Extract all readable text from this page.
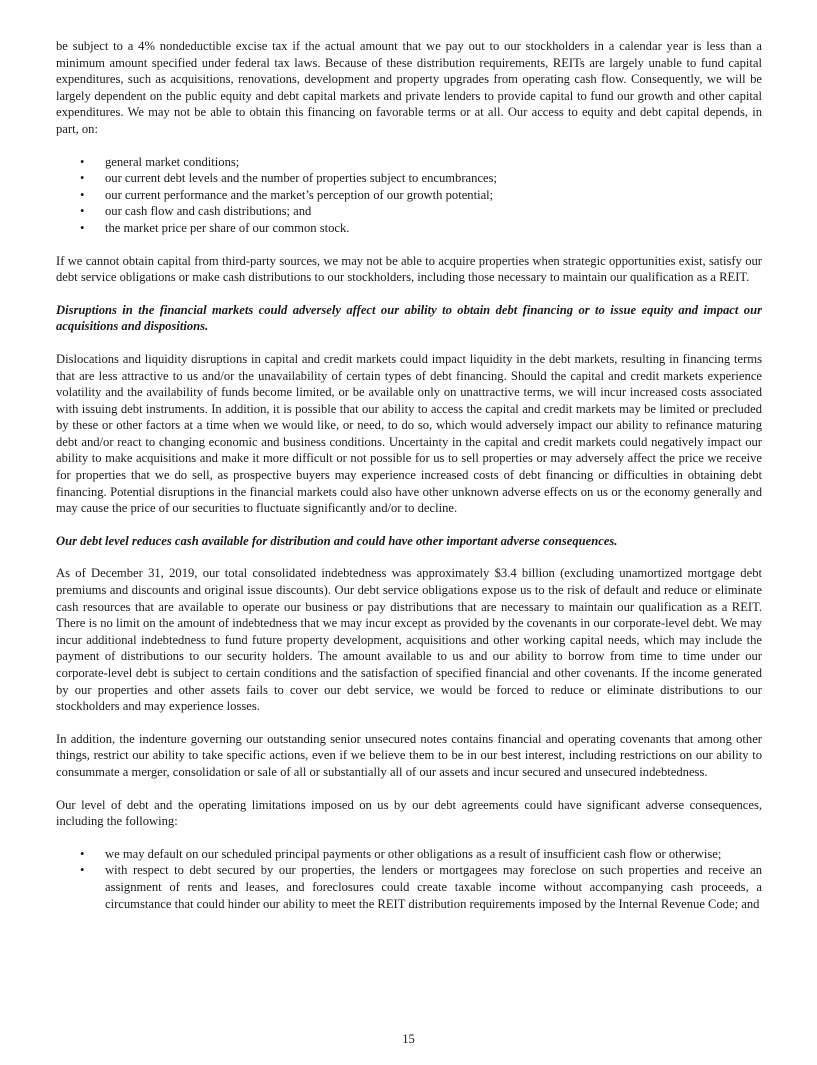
be subject to a 4% nondeductible excise tax if the actual amount that we pay out to our stockholders in a calendar year is less than a minimum amount specified under federal tax laws. Because of these distribution requirements, REITs are largely unable to fund capital expenditures, such as acquisitions, renovations, development and property upgrades from operating cash flow. Consequently, we will be largely dependent on the public equity and debt capital markets and private lenders to provide capital to fund our growth and other capital expenditures. We may not be able to obtain this financing on favorable terms or at all. Our access to equity and debt capital depends, in part, on:

• general market conditions;
• our current debt levels and the number of properties subject to encumbrances;
• our current performance and the market’s perception of our growth potential;
• our cash flow and cash distributions; and
• the market price per share of our common stock.

If we cannot obtain capital from third-party sources, we may not be able to acquire properties when strategic opportunities exist, satisfy our debt service obligations or make cash distributions to our stockholders, including those necessary to maintain our qualification as a REIT.

Disruptions in the financial markets could adversely affect our ability to obtain debt financing or to issue equity and impact our acquisitions and dispositions.

Dislocations and liquidity disruptions in capital and credit markets could impact liquidity in the debt markets, resulting in financing terms that are less attractive to us and/or the unavailability of certain types of debt financing. Should the capital and credit markets experience volatility and the availability of funds become limited, or be available only on unattractive terms, we will incur increased costs associated with issuing debt instruments. In addition, it is possible that our ability to access the capital and credit markets may be limited or precluded by these or other factors at a time when we would like, or need, to do so, which would adversely impact our ability to refinance maturing debt and/or react to changing economic and business conditions. Uncertainty in the capital and credit markets could negatively impact our ability to make acquisitions and make it more difficult or not possible for us to sell properties or may adversely affect the price we receive for properties that we do sell, as prospective buyers may experience increased costs of debt financing or difficulties in obtaining debt financing. Potential disruptions in the financial markets could also have other unknown adverse effects on us or the economy generally and may cause the price of our securities to fluctuate significantly and/or to decline.

Our debt level reduces cash available for distribution and could have other important adverse consequences.

As of December 31, 2019, our total consolidated indebtedness was approximately $3.4 billion (excluding unamortized mortgage debt premiums and discounts and original issue discounts). Our debt service obligations expose us to the risk of default and reduce or eliminate cash resources that are available to operate our business or pay distributions that are necessary to maintain our qualification as a REIT. There is no limit on the amount of indebtedness that we may incur except as provided by the covenants in our corporate-level debt. We may incur additional indebtedness to fund future property development, acquisitions and other working capital needs, which may include the payment of distributions to our security holders. The amount available to us and our ability to borrow from time to time under our corporate-level debt is subject to certain conditions and the satisfaction of specified financial and other covenants. If the income generated by our properties and other assets fails to cover our debt service, we would be forced to reduce or eliminate distributions to our stockholders and may experience losses.

In addition, the indenture governing our outstanding senior unsecured notes contains financial and operating covenants that among other things, restrict our ability to take specific actions, even if we believe them to be in our best interest, including restrictions on our ability to consummate a merger, consolidation or sale of all or substantially all of our assets and incur secured and unsecured indebtedness.

Our level of debt and the operating limitations imposed on us by our debt agreements could have significant adverse consequences, including the following:

• we may default on our scheduled principal payments or other obligations as a result of insufficient cash flow or otherwise;
• with respect to debt secured by our properties, the lenders or mortgagees may foreclose on such properties and receive an assignment of rents and leases, and foreclosures could create taxable income without accompanying cash proceeds, a circumstance that could hinder our ability to meet the REIT distribution requirements imposed by the Internal Revenue Code; and
15
